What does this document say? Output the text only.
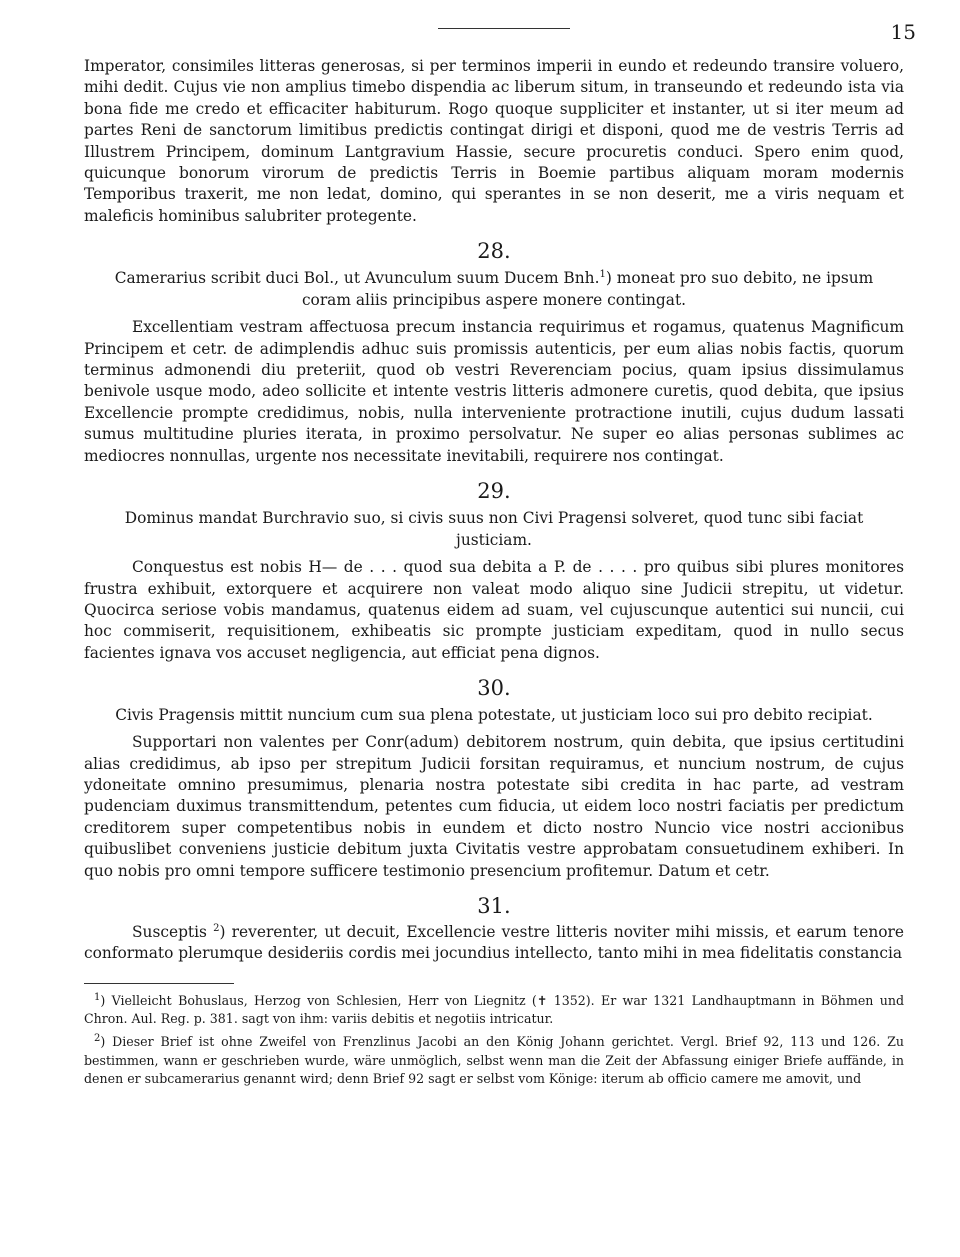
15

Imperator, consimiles litteras generosas, si per terminos imperii in eundo et redeundo transire voluero, mihi dedit. Cujus vie non amplius timebo dispendia ac liberum situm, in transeundo et redeundo ista via bona fide me credo et efficaciter habiturum. Rogo quoque suppliciter et instanter, ut si iter meum ad partes Reni de sanctorum limitibus predictis contingat dirigi et disponi, quod me de vestris Terris ad Illustrem Principem, dominum Lantgravium Hassie, secure procuretis conduci. Spero enim quod, quicunque bonorum virorum de predictis Terris in Boemie partibus aliquam moram modernis Temporibus traxerit, me non ledat, domino, qui sperantes in se non deserit, me a viris nequam et maleficis hominibus salubriter protegente.

28.
Camerarius scribit duci Bol., ut Avunculum suum Ducem Bnh.$^1$) moneat pro suo debito, ne ipsum
coram aliis principibus aspere monere contingat.

Excellentiam vestram affectuosa precum instancia requirimus et rogamus, quatenus Magnificum Principem et cetr. de adimplendis adhuc suis promissis autenticis, per eum alias nobis factis, quorum terminus admonendi diu preteriit, quod ob vestri Reverenciam pocius, quam ipsius dissimulamus benivole usque modo, adeo sollicite et intente vestris litteris admonere curetis, quod debita, que ipsius Excellencie prompte credidimus, nobis, nulla interveniente protractione inutili, cujus dudum lassati sumus multitudine pluries iterata, in proximo persolvatur. Ne super eo alias personas sublimes ac mediocres nonnullas, urgente nos necessitate inevitabili, requirere nos contingat.

29.
Dominus mandat Burchravio suo, si civis suus non Civi Pragensi solveret, quod tunc sibi faciat
justiciam.

Conquestus est nobis H— de . . . quod sua debita a P. de . . . . pro quibus sibi plures monitores frustra exhibuit, extorquere et acquirere non valeat modo aliquo sine Judicii strepitu, ut videtur. Quocirca seriose vobis mandamus, quatenus eidem ad suam, vel cujuscunque autentici sui nuncii, cui hoc commiserit, requisitionem, exhibeatis sic prompte justiciam expeditam, quod in nullo secus facientes ignava vos accuset negligencia, aut efficiat pena dignos.

30.
Civis Pragensis mittit nuncium cum sua plena potestate, ut justiciam loco sui pro debito recipiat.

Supportari non valentes per Conr(adum) debitorem nostrum, quin debita, que ipsius certitudini alias credidimus, ab ipso per strepitum Judicii forsitan requiramus, et nuncium nostrum, de cujus ydoneitate omnino presumimus, plenaria nostra potestate sibi credita in hac parte, ad vestram pudenciam duximus transmittendum, petentes cum fiducia, ut eidem loco nostri faciatis per predictum creditorem super competentibus nobis in eundem et dicto nostro Nuncio vice nostri accionibus quibuslibet conveniens justicie debitum juxta Civitatis vestre approbatam consuetudinem exhiberi. In quo nobis pro omni tempore sufficere testimonio presencium profitemur. Datum et cetr.

31.

Susceptis $^2$) reverenter, ut decuit, Excellencie vestre litteris noviter mihi missis, et earum tenore conformato plerumque desideriis cordis mei jocundius intellecto, tanto mihi in mea fidelitatis constancia

$^1$) Vielleicht Bohuslaus, Herzog von Schlesien, Herr von Liegnitz (✝ 1352). Er war 1321 Landhauptmann in Böhmen und Chron. Aul. Reg. p. 381. sagt von ihm: variis debitis et negotiis intricatur.

$^2$) Dieser Brief ist ohne Zweifel von Frenzlinus Jacobi an den König Johann gerichtet. Vergl. Brief 92, 113 und 126. Zu bestimmen, wann er geschrieben wurde, wäre unmöglich, selbst wenn man die Zeit der Abfassung einiger Briefe auffände, in denen er subcamerarius genannt wird; denn Brief 92 sagt er selbst vom Könige: iterum ab officio camere me amovit, und
